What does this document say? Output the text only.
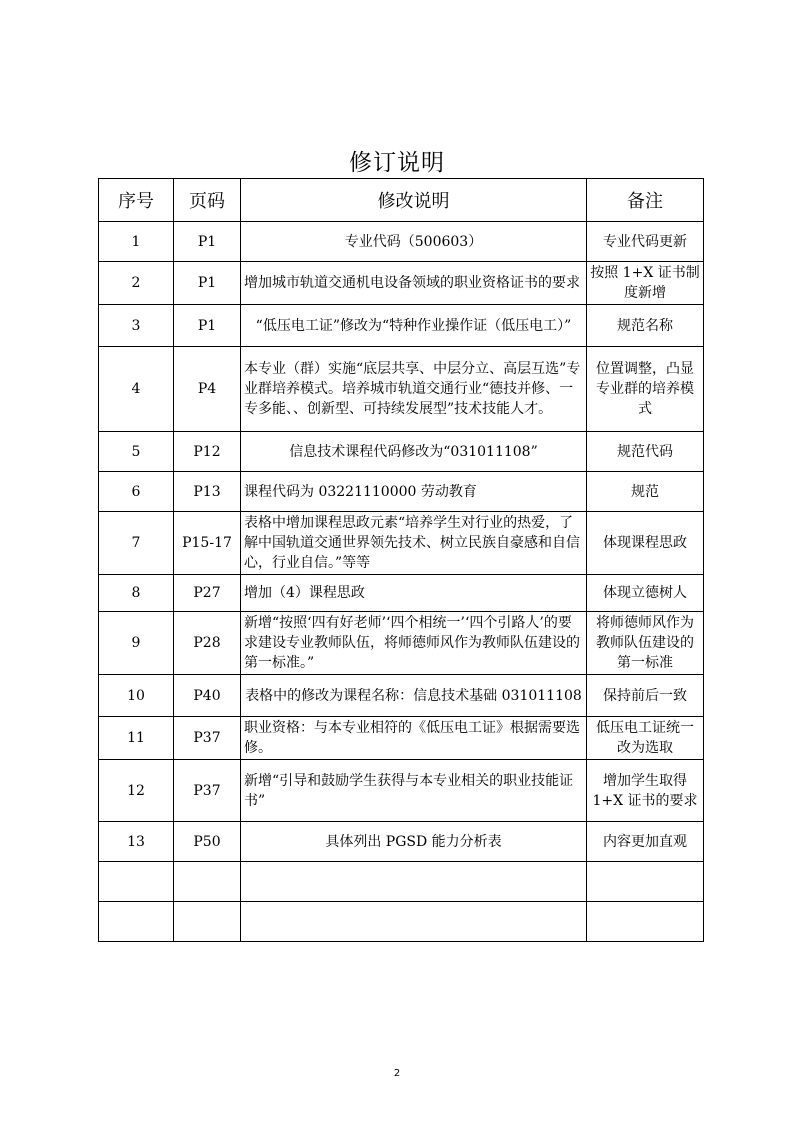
修订说明
序号	页码	修改说明	备注
1	P1	专业代码（500603）	专业代码更新
2	P1	增加城市轨道交通机电设备领域的职业资格证书的要求	按照 1+X 证书制度新增
3	P1	“低压电工证”修改为“特种作业操作证（低压电工）”	规范名称
4	P4	本专业（群）实施“底层共享、中层分立、高层互选”专业群培养模式。培养城市轨道交通行业“德技并修、一专多能、、创新型、可持续发展型”技术技能人才。	位置调整，凸显专业群的培养模式
5	P12	信息技术课程代码修改为“031011108”	规范代码
6	P13	课程代码为 03221110000 劳动教育	规范
7	P15-17	表格中增加课程思政元素“培养学生对行业的热爱，了解中国轨道交通世界领先技术、树立民族自豪感和自信心，行业自信。”等等	体现课程思政
8	P27	增加（4）课程思政	体现立德树人
9	P28	新增“按照‘四有好老师’‘四个相统一’‘四个引路人’的要求建设专业教师队伍，将师德师风作为教师队伍建设的第一标准。”	将师德师风作为教师队伍建设的第一标准
10	P40	表格中的修改为课程名称：信息技术基础 031011108	保持前后一致
11	P37	职业资格：与本专业相符的《低压电工证》根据需要选修。	低压电工证统一改为选取
12	P37	新增“引导和鼓励学生获得与本专业相关的职业技能证书”	增加学生取得 1+X 证书的要求
13	P50	具体列出 PGSD 能力分析表	内容更加直观

2
